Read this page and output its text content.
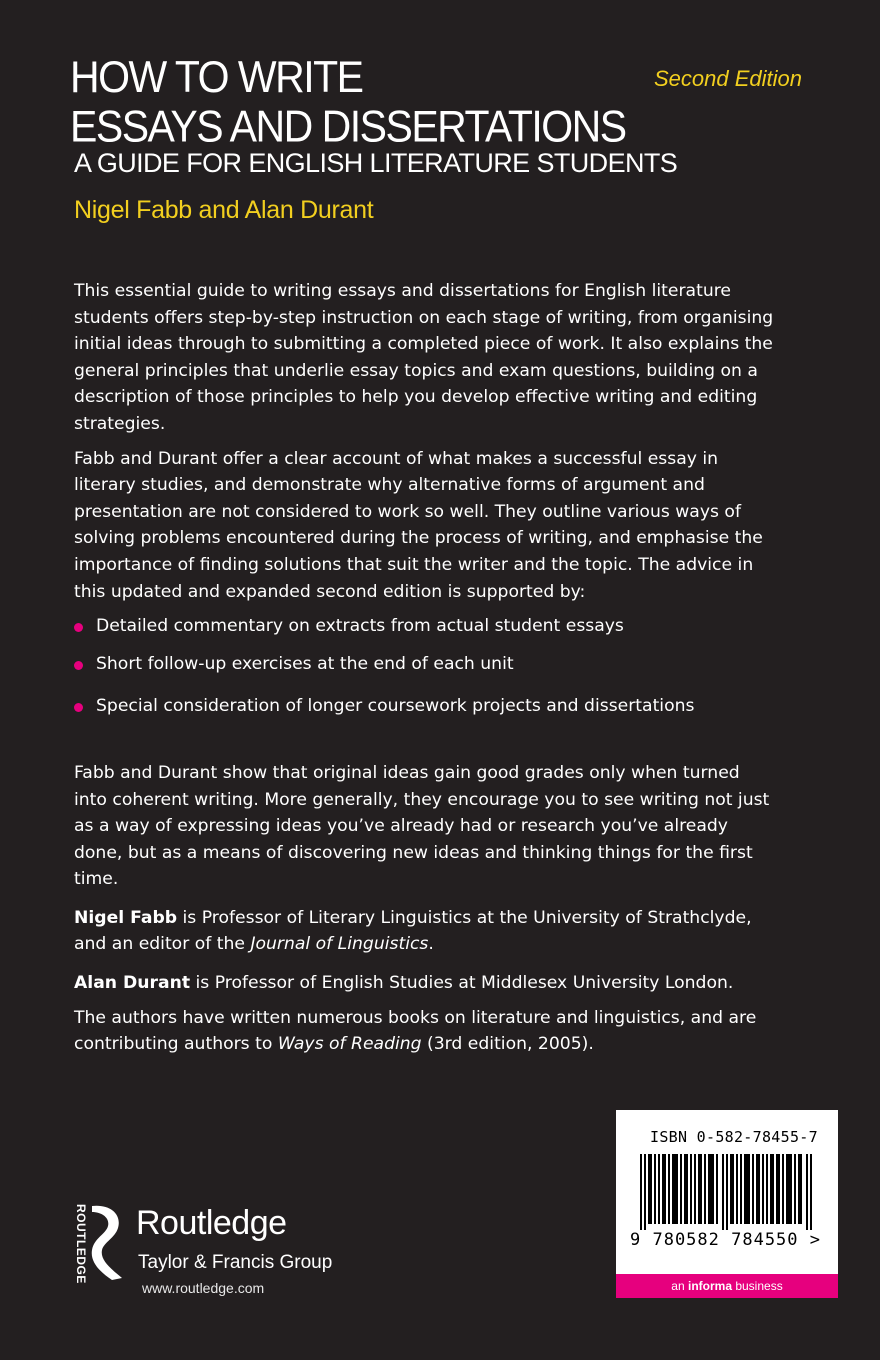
HOW TO WRITE
ESSAYS AND DISSERTATIONS
Second Edition
A GUIDE FOR ENGLISH LITERATURE STUDENTS
Nigel Fabb and Alan Durant

This essential guide to writing essays and dissertations for English literature students offers step-by-step instruction on each stage of writing, from organising initial ideas through to submitting a completed piece of work. It also explains the general principles that underlie essay topics and exam questions, building on a description of those principles to help you develop effective writing and editing strategies.

Fabb and Durant offer a clear account of what makes a successful essay in literary studies, and demonstrate why alternative forms of argument and presentation are not considered to work so well. They outline various ways of solving problems encountered during the process of writing, and emphasise the importance of finding solutions that suit the writer and the topic. The advice in this updated and expanded second edition is supported by:

Detailed commentary on extracts from actual student essays
Short follow-up exercises at the end of each unit
Special consideration of longer coursework projects and dissertations

Fabb and Durant show that original ideas gain good grades only when turned into coherent writing. More generally, they encourage you to see writing not just as a way of expressing ideas you’ve already had or research you’ve already done, but as a means of discovering new ideas and thinking things for the first time.

Nigel Fabb is Professor of Literary Linguistics at the University of Strathclyde, and an editor of the Journal of Linguistics.

Alan Durant is Professor of English Studies at Middlesex University London.

The authors have written numerous books on literature and linguistics, and are contributing authors to Ways of Reading (3rd edition, 2005).

ROUTLEDGE Routledge
Taylor & Francis Group
www.routledge.com
ISBN 0-582-78455-7
9 780582 784550 >
an informa business
